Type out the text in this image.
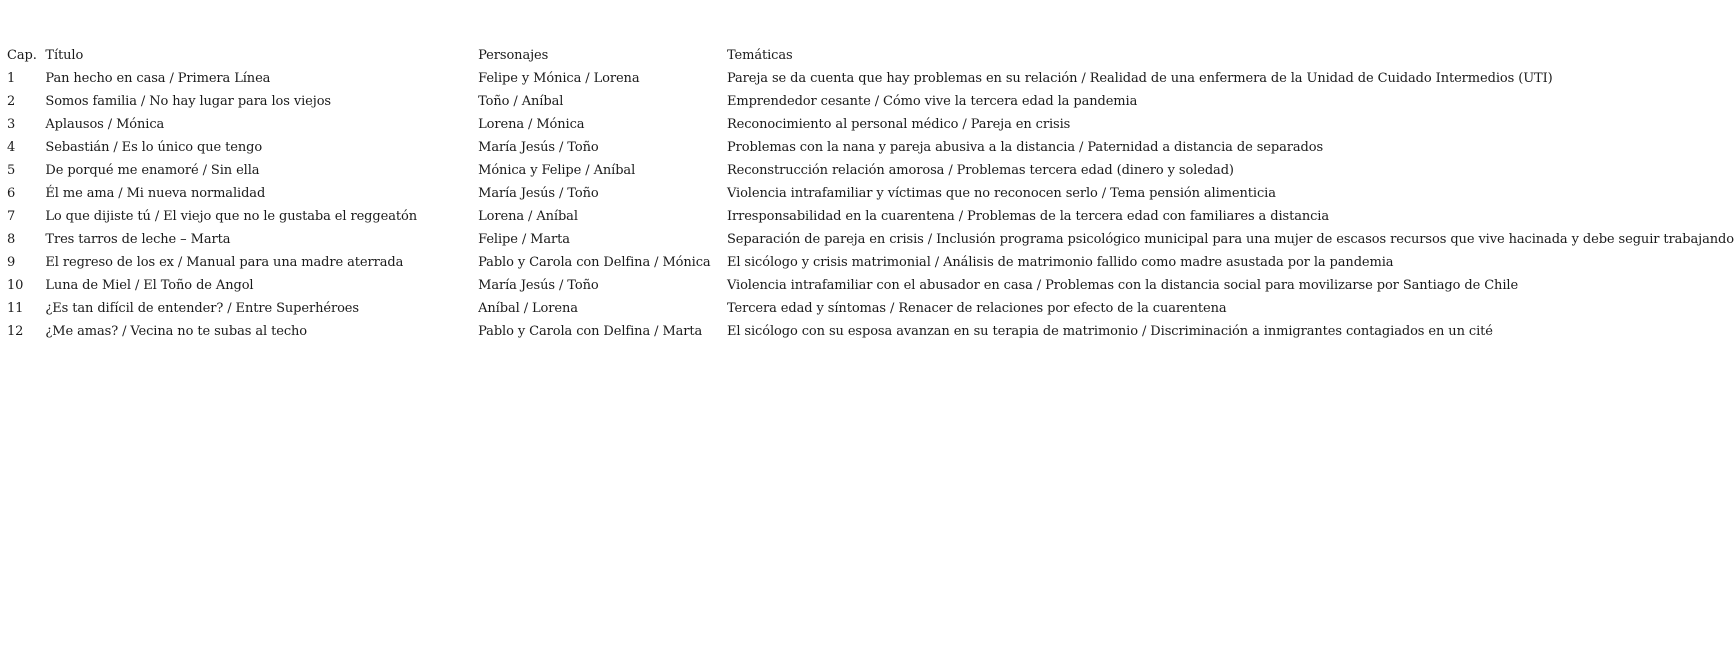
Cap.	Título	Personajes	Temáticas
1	Pan hecho en casa / Primera Línea	Felipe y Mónica / Lorena	Pareja se da cuenta que hay problemas en su relación / Realidad de una enfermera de la Unidad de Cuidado Intermedios (UTI)
2	Somos familia / No hay lugar para los viejos	Toño / Aníbal	Emprendedor cesante / Cómo vive la tercera edad la pandemia
3	Aplausos / Mónica	Lorena / Mónica	Reconocimiento al personal médico / Pareja en crisis
4	Sebastián / Es lo único que tengo	María Jesús / Toño	Problemas con la nana y pareja abusiva a la distancia / Paternidad a distancia de separados
5	De porqué me enamoré / Sin ella	Mónica y Felipe / Aníbal	Reconstrucción relación amorosa / Problemas tercera edad (dinero y soledad)
6	Él me ama / Mi nueva normalidad	María Jesús / Toño	Violencia intrafamiliar y víctimas que no reconocen serlo / Tema pensión alimenticia
7	Lo que dijiste tú / El viejo que no le gustaba el reggeatón	Lorena / Aníbal	Irresponsabilidad en la cuarentena / Problemas de la tercera edad con familiares a distancia
8	Tres tarros de leche – Marta	Felipe / Marta	Separación de pareja en crisis / Inclusión programa psicológico municipal para una mujer de escasos recursos que vive hacinada y debe seguir trabajando
9	El regreso de los ex / Manual para una madre aterrada	Pablo y Carola con Delfina / Mónica	El sicólogo y crisis matrimonial / Análisis de matrimonio fallido como madre asustada por la pandemia
10	Luna de Miel / El Toño de Angol	María Jesús / Toño	Violencia intrafamiliar con el abusador en casa / Problemas con la distancia social para movilizarse por Santiago de Chile
11	¿Es tan difícil de entender? / Entre Superhéroes	Aníbal / Lorena	Tercera edad y síntomas / Renacer de relaciones por efecto de la cuarentena
12	¿Me amas? / Vecina no te subas al techo	Pablo y Carola con Delfina / Marta	El sicólogo con su esposa avanzan en su terapia de matrimonio / Discriminación a inmigrantes contagiados en un cité
